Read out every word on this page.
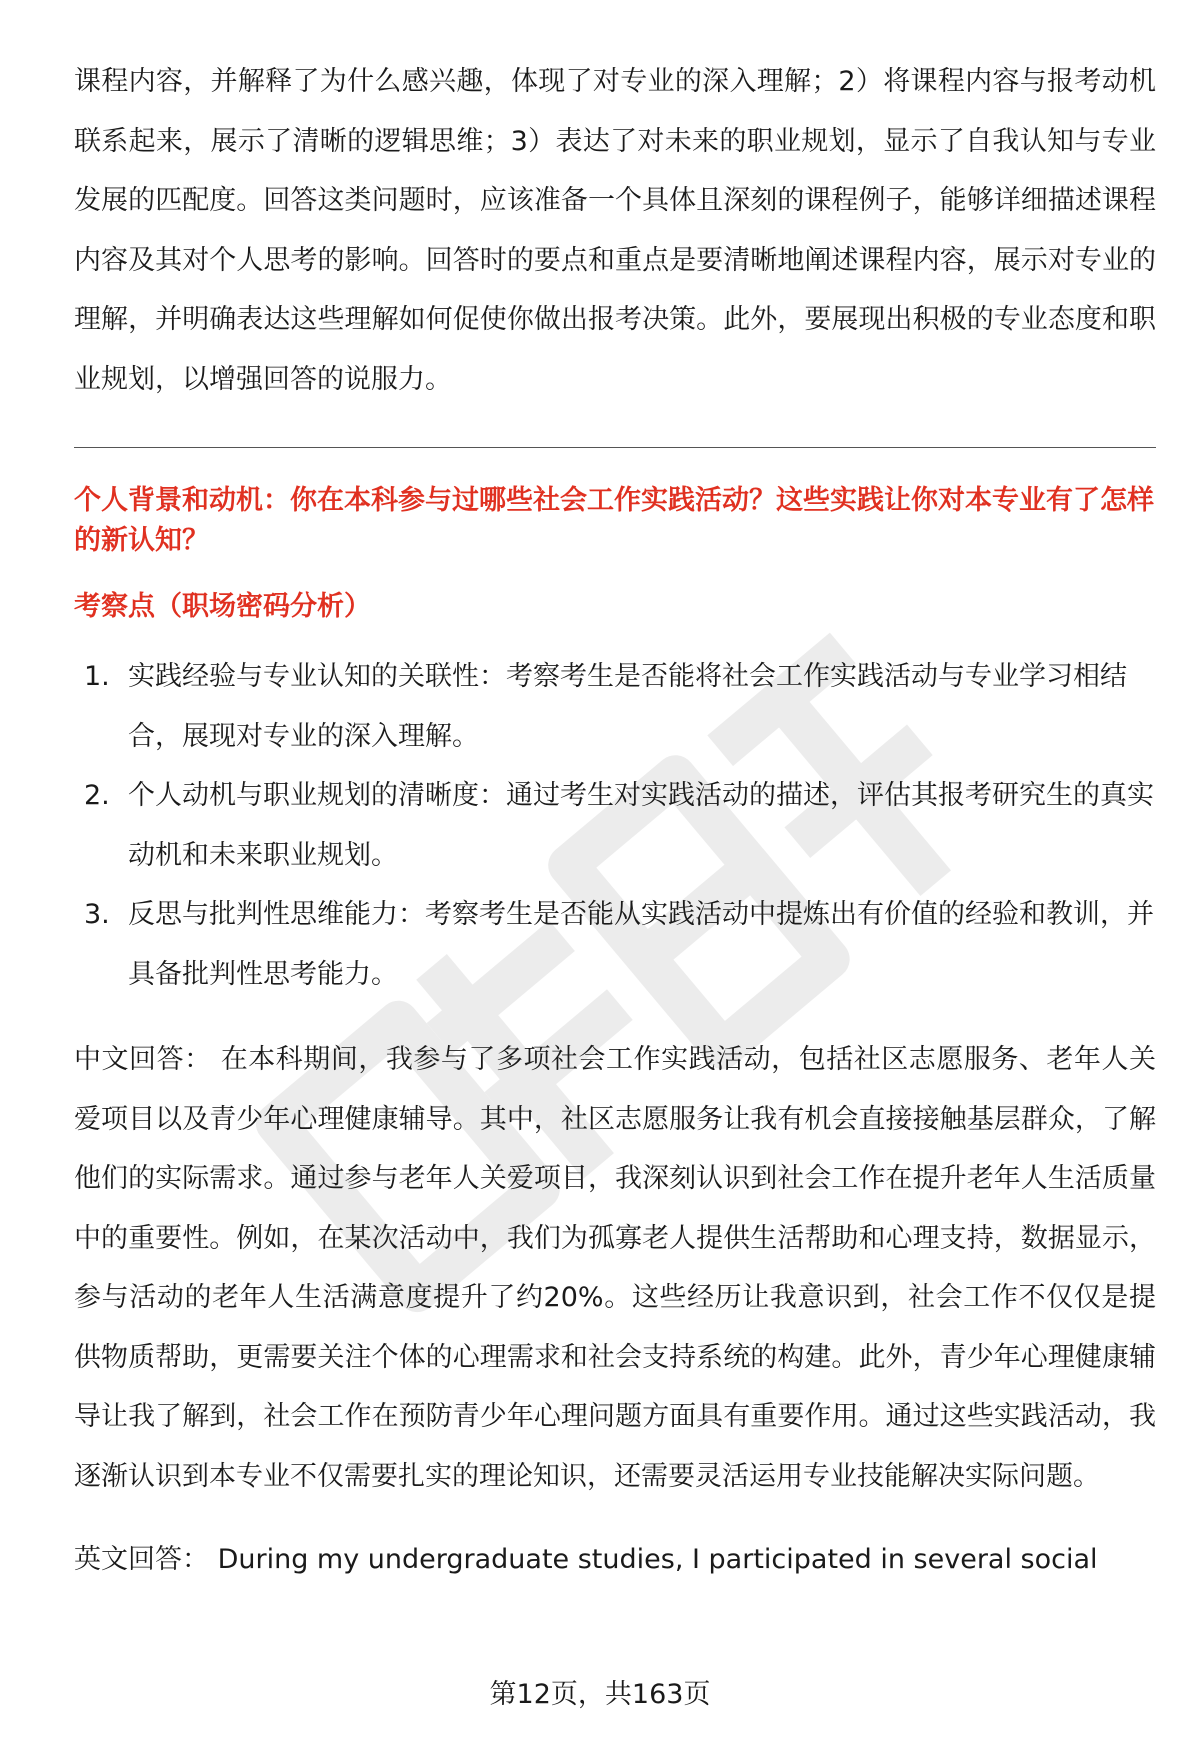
课程内容，并解释了为什么感兴趣，体现了对专业的深入理解；2）将课程内容与报考动机联系起来，展示了清晰的逻辑思维；3）表达了对未来的职业规划，显示了自我认知与专业发展的匹配度。回答这类问题时，应该准备一个具体且深刻的课程例子，能够详细描述课程内容及其对个人思考的影响。回答时的要点和重点是要清晰地阐述课程内容，展示对专业的理解，并明确表达这些理解如何促使你做出报考决策。此外，要展现出积极的专业态度和职业规划，以增强回答的说服力。

个人背景和动机：你在本科参与过哪些社会工作实践活动？这些实践让你对本专业有了怎样的新认知？

考察点（职场密码分析）

1. 实践经验与专业认知的关联性：考察考生是否能将社会工作实践活动与专业学习相结合，展现对专业的深入理解。
2. 个人动机与职业规划的清晰度：通过考生对实践活动的描述，评估其报考研究生的真实动机和未来职业规划。
3. 反思与批判性思维能力：考察考生是否能从实践活动中提炼出有价值的经验和教训，并具备批判性思考能力。

中文回答： 在本科期间，我参与了多项社会工作实践活动，包括社区志愿服务、老年人关爱项目以及青少年心理健康辅导。其中，社区志愿服务让我有机会直接接触基层群众，了解他们的实际需求。通过参与老年人关爱项目，我深刻认识到社会工作在提升老年人生活质量中的重要性。例如，在某次活动中，我们为孤寡老人提供生活帮助和心理支持，数据显示，参与活动的老年人生活满意度提升了约20%。这些经历让我意识到，社会工作不仅仅是提供物质帮助，更需要关注个体的心理需求和社会支持系统的构建。此外，青少年心理健康辅导让我了解到，社会工作在预防青少年心理问题方面具有重要作用。通过这些实践活动，我逐渐认识到本专业不仅需要扎实的理论知识，还需要灵活运用专业技能解决实际问题。

英文回答： During my undergraduate studies, I participated in several social

第12页，共163页
